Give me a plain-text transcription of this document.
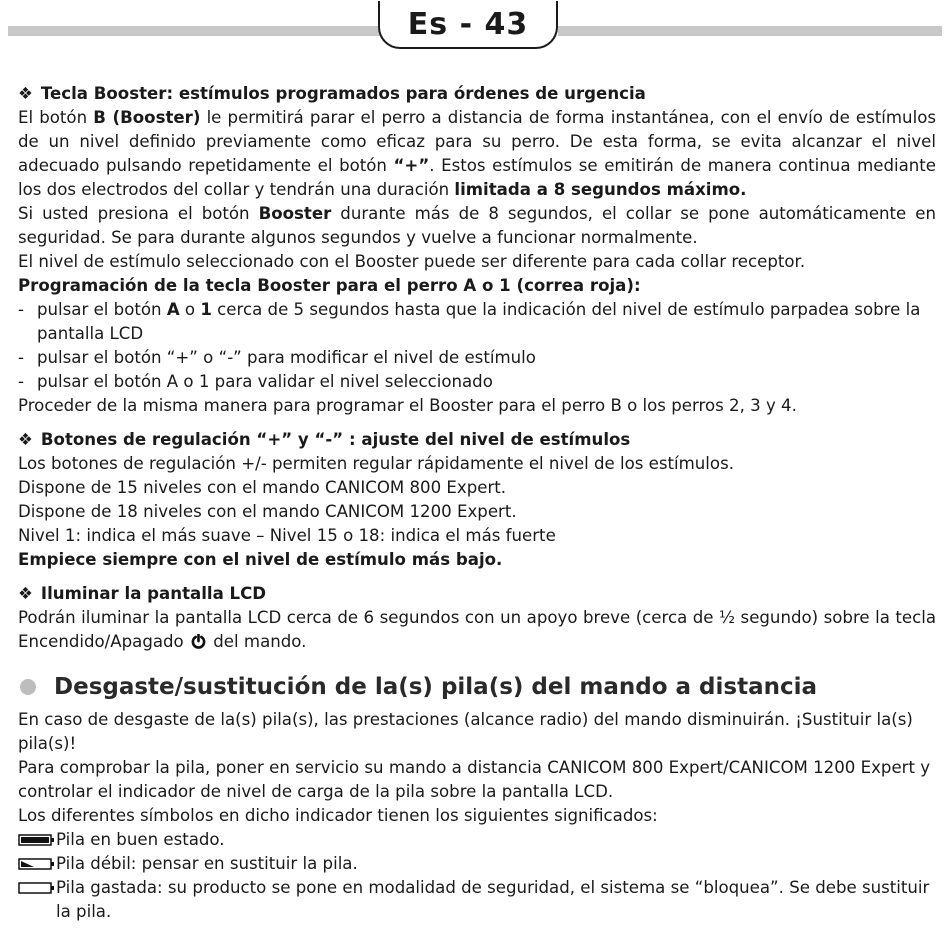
Es - 43

❖ Tecla Booster: estímulos programados para órdenes de urgencia

El botón B (Booster) le permitirá parar el perro a distancia de forma instantánea, con el envío de estímulos de un nivel definido previamente como eficaz para su perro. De esta forma, se evita alcanzar el nivel adecuado pulsando repetidamente el botón “+”. Estos estímulos se emitirán de manera continua mediante los dos electrodos del collar y tendrán una duración limitada a 8 segundos máximo.

Si usted presiona el botón Booster durante más de 8 segundos, el collar se pone automáticamente en seguridad. Se para durante algunos segundos y vuelve a funcionar normalmente.

El nivel de estímulo seleccionado con el Booster puede ser diferente para cada collar receptor.

Programación de la tecla Booster para el perro A o 1 (correa roja):

- pulsar el botón A o 1 cerca de 5 segundos hasta que la indicación del nivel de estímulo parpadea sobre la pantalla LCD
- pulsar el botón “+” o “-” para modificar el nivel de estímulo
- pulsar el botón A o 1 para validar el nivel seleccionado

Proceder de la misma manera para programar el Booster para el perro B o los perros 2, 3 y 4.

❖ Botones de regulación “+” y “-” : ajuste del nivel de estímulos

Los botones de regulación +/- permiten regular rápidamente el nivel de los estímulos.

Dispone de 15 niveles con el mando CANICOM 800 Expert.

Dispone de 18 niveles con el mando CANICOM 1200 Expert.

Nivel 1: indica el más suave – Nivel 15 o 18: indica el más fuerte

Empiece siempre con el nivel de estímulo más bajo.

❖ Iluminar la pantalla LCD

Podrán iluminar la pantalla LCD cerca de 6 segundos con un apoyo breve (cerca de ½ segundo) sobre la tecla Encendido/Apagado
del mando.

Desgaste/sustitución de la(s) pila(s) del mando a distancia

En caso de desgaste de la(s) pila(s), las prestaciones (alcance radio) del mando disminuirán. ¡Sustituir la(s) pila(s)!

Para comprobar la pila, poner en servicio su mando a distancia CANICOM 800 Expert/CANICOM 1200 Expert y controlar el indicador de nivel de carga de la pila sobre la pantalla LCD.

Los diferentes símbolos en dicho indicador tienen los siguientes significados:

Pila en buen estado.
Pila débil: pensar en sustituir la pila.
Pila gastada: su producto se pone en modalidad de seguridad, el sistema se “bloquea”. Se debe sustituir la pila.
